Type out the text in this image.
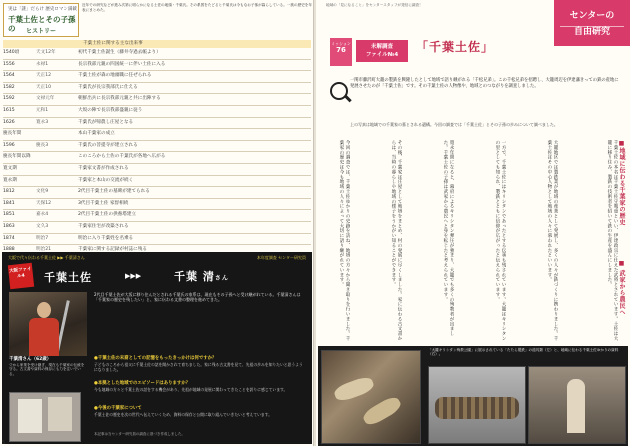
実は「謎」だらけ 歴史ロマン満載
千葉土佐とその子孫の	ヒストリー
近年での研究などが進み次第に明らかになる土佐の地頭・千葉氏。その系図をたどると千葉氏は今もなお子孫が暮らしている。一族の歴史を年表にまとめた。
千葉土佐に関する主な出来事
1540頃	天文12年	初代千葉土佐誕生（藤井寺過去帳より）
1556	永禄1	長宗我部元親の四国統一に伴い土佐に入る
1564	天正12	千葉土佐が森の地頭職に任ぜられる
1582	天正10	千葉氏が長宗我部氏に仕える
1592	文禄元年	朝鮮出兵に長宗我部元親と共に出陣する
1615	元和1	大坂の陣で長宗我部盛親に従う
1626	寛永3	千葉氏が帰農し庄屋となる
慶長年間	本山千葉家の成立
1596	慶長3	千葉氏の菩提寺が建立される
慶長年間以降	このころから土佐の千葉氏が各地へ広がる
寛文期	千葉家文書が作成される
寛永期	千葉家と本山の交流が続く
1812	文化9	2代目千葉土佐の墓碑が建てられる
1841	天保12	3代目千葉土佐 家督相続
1851	嘉永4	2代目千葉土佐の供養塔建立
1863	文久3	千葉家住宅が改築される
1874	明治7	明治に入り千葉姓を名乗る
1888	明治21	千葉家に関する記録が村誌に残る
大阪で代々伝わる千葉土佐 ▶▶ 千葉清さん	本年度調査 センター研究員
大阪ファイル4	千葉土佐	▶▶▶	千葉 清さん
千葉清さん（62歳）
父から家業を受け継ぎ、現在も千葉家の伝統を守る。古文書や資料の保存にも力を注いでいる。
2代目千葉土佐が大坂に移り住んだとされる千葉氏の家系は、現在もその子孫へと受け継がれている。千葉清さんは「千葉家の歴史を残したい」と、家に伝わる文書の整理を進めてきた。
●千葉土佐の末裔としての記憶をもったきっかけは何ですか？
子どものころから祖父に千葉土佐の話を聞かされて育ちました。家に残る古文書を見て、先祖の歩みを知りたいと思うようになりました。
●本拠とした地域でのエピソードはありますか？
今も地域の方々と千葉土佐の話をする機会があり、先祖が地域の発展に関わってきたことを誇りに感じています。
●今後の千葉家について
千葉土佐の歴史を次の世代へ伝えていくため、資料の保存と公開に取り組んでいきたいと考えています。
本記事は当センター研究員の調査に基づき作成しました。
5
地域の「見になること」をセンタースタッフが発信に調査！
センターの
自由研究
ミッション
76	未解調査
ファイル№4
「千葉土佐」
一関市藤沢町大籠の製鉄を興隆したとして地域で語り継がれる「千松兄弟」。この千松兄弟を招聘し、大籠周辺を伊達藩きっての鉄の産地に発展させたのが「千葉土佐」です。その千葉土佐の人物像や、地域とのつながりを調査しました。
上の写真は地域での千葉家の墓とされる遺構。今回の調査では「千葉土佐」とその子孫の歩みについて調べました。
■地域に伝わる千葉家の歴史
■ 武家から農民へ
千葉土佐の本名は千葉土佐守胤重といい、伊達政宗に仕えた武将とされています。土佐は大籠に移り住み、製鉄の技術者を招いて鉄の生産を盛んにしました。
大籠地区では製鉄業が地域の産業として発展し、多くの人々が鉄づくりに携わりました。千葉土佐はその中心人物として地域の人々に慕われたといいます。
一方で、千葉土佐にはキリシタンであったとする伝承も残されています。大籠はキリシタンの里としても知られ、製鉄とともに信仰が広がったと伝えられています。
寛永年間になると、幕府によるキリシタン弾圧が強まり、大籠でも多くの殉教者が出ました。千葉土佐の子孫は武家から農民へと身を転じたと考えられています。
その後、千葉家は庄屋として地域をまとめ、村の発展に尽くしました。家に伝わる古文書からは、当時の暮らしや地域の様子をうかがい知ることができます。
今回の調査では、千葉土佐ゆかりの史跡を訪ね、地域の方々から聞き取りを行いました。千葉家の歴史は今も地域の人々によって大切に語り継がれています。
「大籠キリシタン殉教公園」に展示されている「たたら製鉄」の道具類（左）と、地域に伝わる千葉土佐ゆかりの資料（右）。
6
